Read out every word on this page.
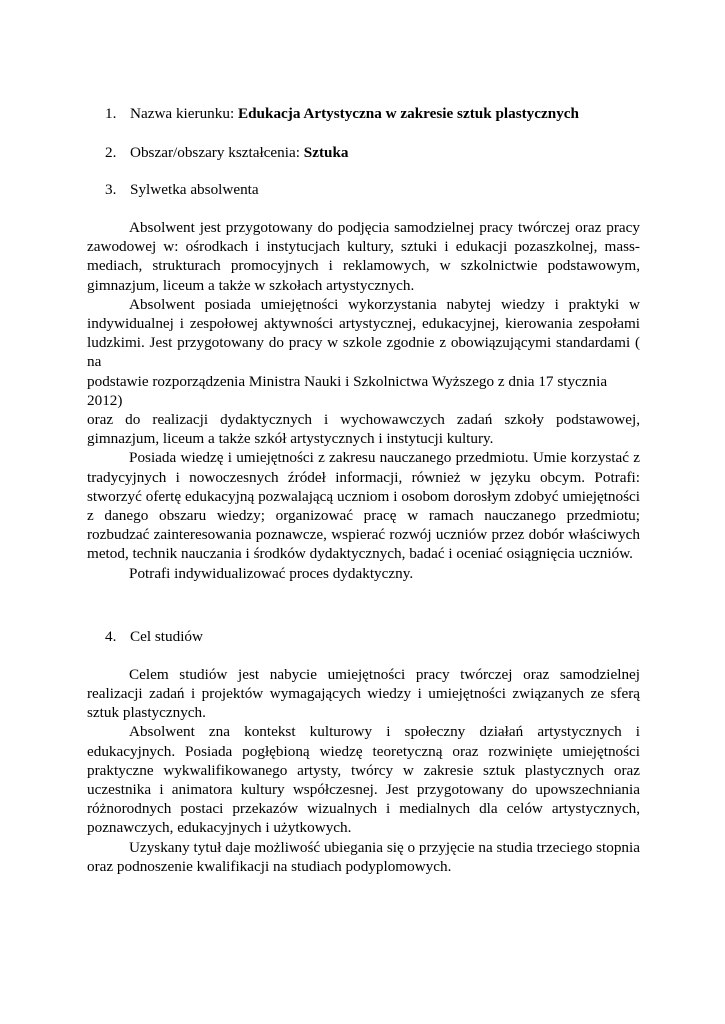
1. Nazwa kierunku: Edukacja Artystyczna w zakresie sztuk plastycznych
2. Obszar/obszary kształcenia: Sztuka
3. Sylwetka absolwenta

Absolwent jest przygotowany do podjęcia samodzielnej pracy twórczej oraz pracy zawodowej w: ośrodkach i instytucjach kultury, sztuki i edukacji pozaszkolnej, mass-mediach, strukturach promocyjnych i reklamowych, w szkolnictwie podstawowym, gimnazjum, liceum a także w szkołach artystycznych.

Absolwent posiada umiejętności wykorzystania nabytej wiedzy i praktyki w indywidualnej i zespołowej aktywności artystycznej, edukacyjnej, kierowania zespołami ludzkimi. Jest przygotowany do pracy w szkole zgodnie z obowiązującymi standardami ( na

podstawie rozporządzenia Ministra Nauki i Szkolnictwa Wyższego z dnia 17 stycznia 2012)

oraz do realizacji dydaktycznych i wychowawczych zadań szkoły podstawowej, gimnazjum, liceum a także szkół artystycznych i instytucji kultury.

Posiada wiedzę i umiejętności z zakresu nauczanego przedmiotu. Umie korzystać z tradycyjnych i nowoczesnych źródeł informacji, również w języku obcym. Potrafi: stworzyć ofertę edukacyjną pozwalającą uczniom i osobom dorosłym zdobyć umiejętności z danego obszaru wiedzy; organizować pracę w ramach nauczanego przedmiotu; rozbudzać zainteresowania poznawcze, wspierać rozwój uczniów przez dobór właściwych metod, technik nauczania i środków dydaktycznych, badać i oceniać osiągnięcia uczniów.

Potrafi indywidualizować proces dydaktyczny.

4. Cel studiów

Celem studiów jest nabycie umiejętności pracy twórczej oraz samodzielnej realizacji zadań i projektów wymagających wiedzy i umiejętności związanych ze sferą sztuk plastycznych.

Absolwent zna kontekst kulturowy i społeczny działań artystycznych i edukacyjnych. Posiada pogłębioną wiedzę teoretyczną oraz rozwinięte umiejętności praktyczne wykwalifikowanego artysty, twórcy w zakresie sztuk plastycznych oraz uczestnika i animatora kultury współczesnej. Jest przygotowany do upowszechniania różnorodnych postaci przekazów wizualnych i medialnych dla celów artystycznych, poznawczych, edukacyjnych i użytkowych.

Uzyskany tytuł daje możliwość ubiegania się o przyjęcie na studia trzeciego stopnia oraz podnoszenie kwalifikacji na studiach podyplomowych.
